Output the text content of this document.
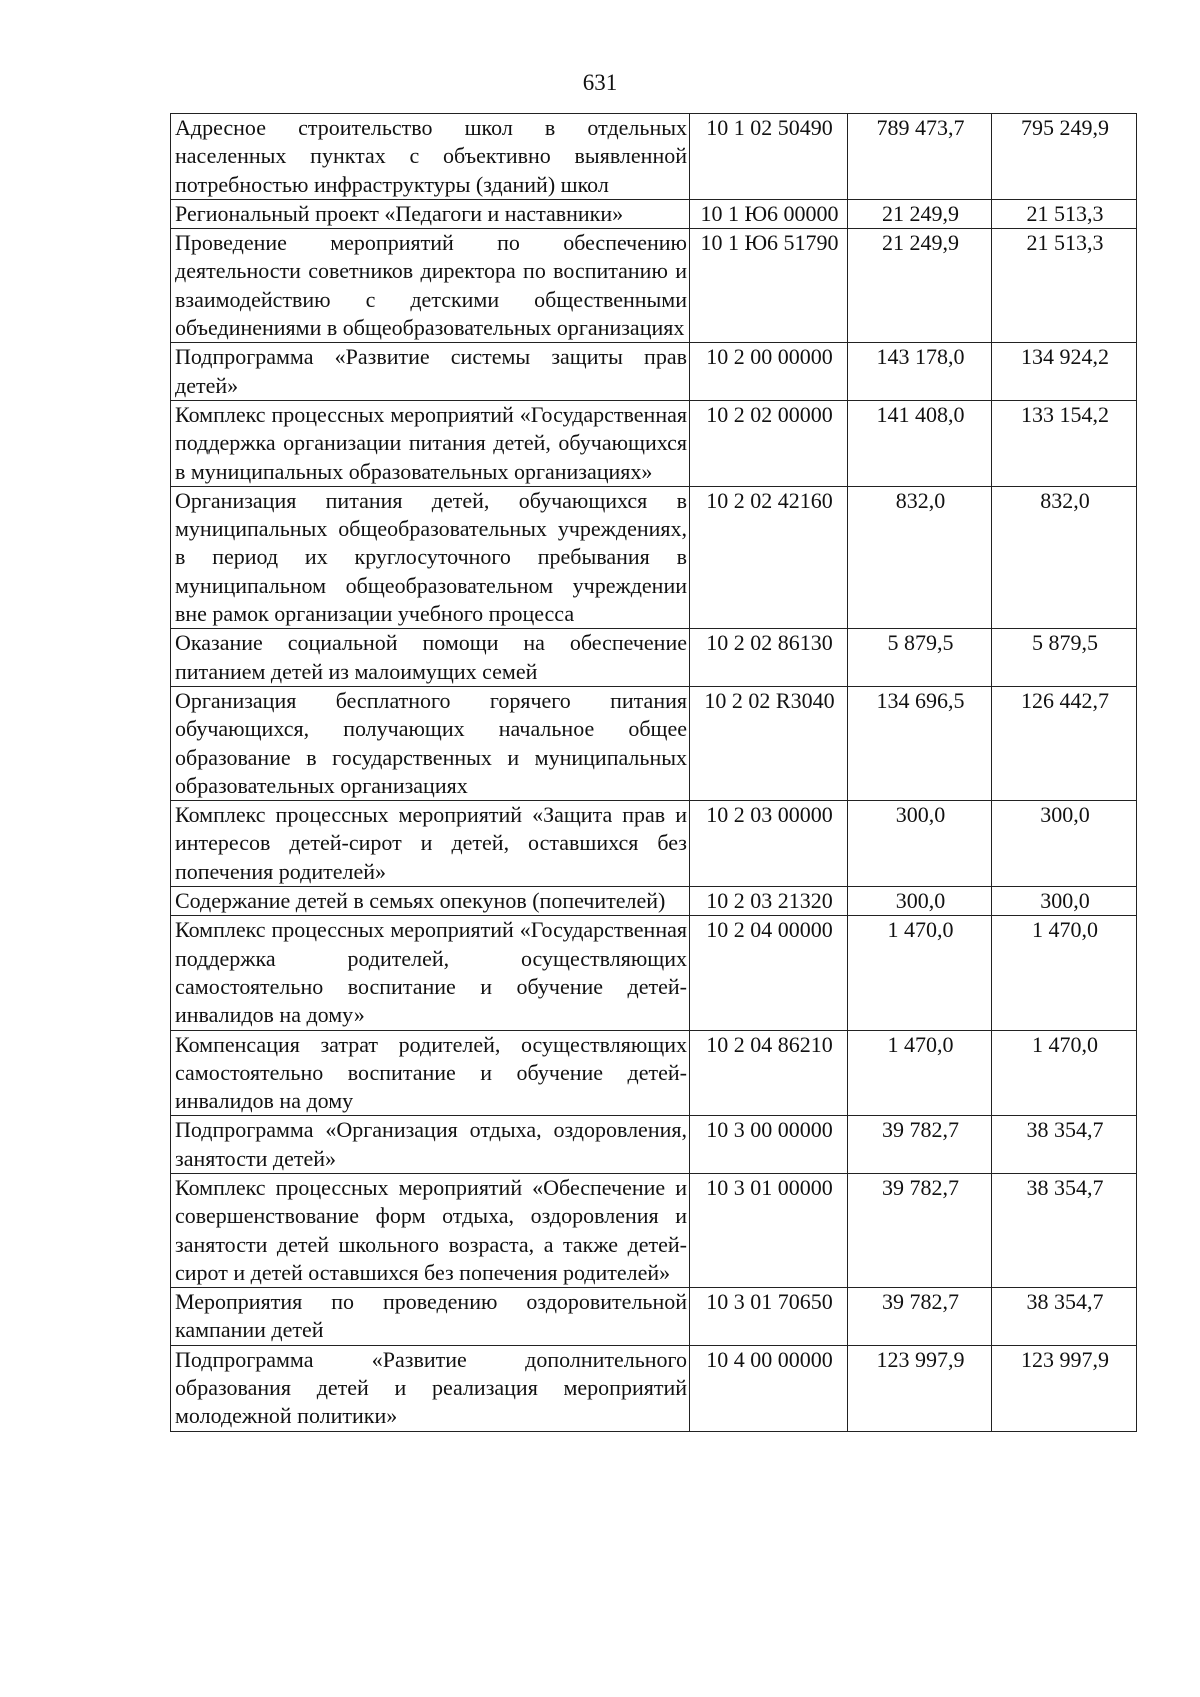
631
Адресное строительство школ в отдельных населенных пунктах с объективно выявленной потребностью инфраструктуры (зданий) школ	10 1 02 50490	789 473,7	795 249,9
Региональный проект «Педагоги и наставники»	10 1 Ю6 00000	21 249,9	21 513,3
Проведение мероприятий по обеспечению деятельности советников директора по воспитанию и взаимодействию с детскими общественными объединениями в общеобразовательных организациях	10 1 Ю6 51790	21 249,9	21 513,3
Подпрограмма «Развитие системы защиты прав детей»	10 2 00 00000	143 178,0	134 924,2
Комплекс процессных мероприятий «Государственная поддержка организации питания детей, обучающихся в муниципальных образовательных организациях»	10 2 02 00000	141 408,0	133 154,2
Организация питания детей, обучающихся в муниципальных общеобразовательных учреждениях, в период их круглосуточного пребывания в муниципальном общеобразовательном учреждении вне рамок организации учебного процесса	10 2 02 42160	832,0	832,0
Оказание социальной помощи на обеспечение питанием детей из малоимущих семей	10 2 02 86130	5 879,5	5 879,5
Организация бесплатного горячего питания обучающихся, получающих начальное общее образование в государственных и муниципальных образовательных организациях	10 2 02 R3040	134 696,5	126 442,7
Комплекс процессных мероприятий «Защита прав и интересов детей-сирот и детей, оставшихся без попечения родителей»	10 2 03 00000	300,0	300,0
Содержание детей в семьях опекунов (попечителей)	10 2 03 21320	300,0	300,0
Комплекс процессных мероприятий «Государственная поддержка родителей, осуществляющих самостоятельно воспитание и обучение детей-инвалидов на дому»	10 2 04 00000	1 470,0	1 470,0
Компенсация затрат родителей, осуществляющих самостоятельно воспитание и обучение детей-инвалидов на дому	10 2 04 86210	1 470,0	1 470,0
Подпрограмма «Организация отдыха, оздоровления, занятости детей»	10 3 00 00000	39 782,7	38 354,7
Комплекс процессных мероприятий «Обеспечение и совершенствование форм отдыха, оздоровления и занятости детей школьного возраста, а также детей-сирот и детей оставшихся без попечения родителей»	10 3 01 00000	39 782,7	38 354,7
Мероприятия по проведению оздоровительной кампании детей	10 3 01 70650	39 782,7	38 354,7
Подпрограмма «Развитие дополнительного образования детей и реализация мероприятий молодежной политики»	10 4 00 00000	123 997,9	123 997,9
